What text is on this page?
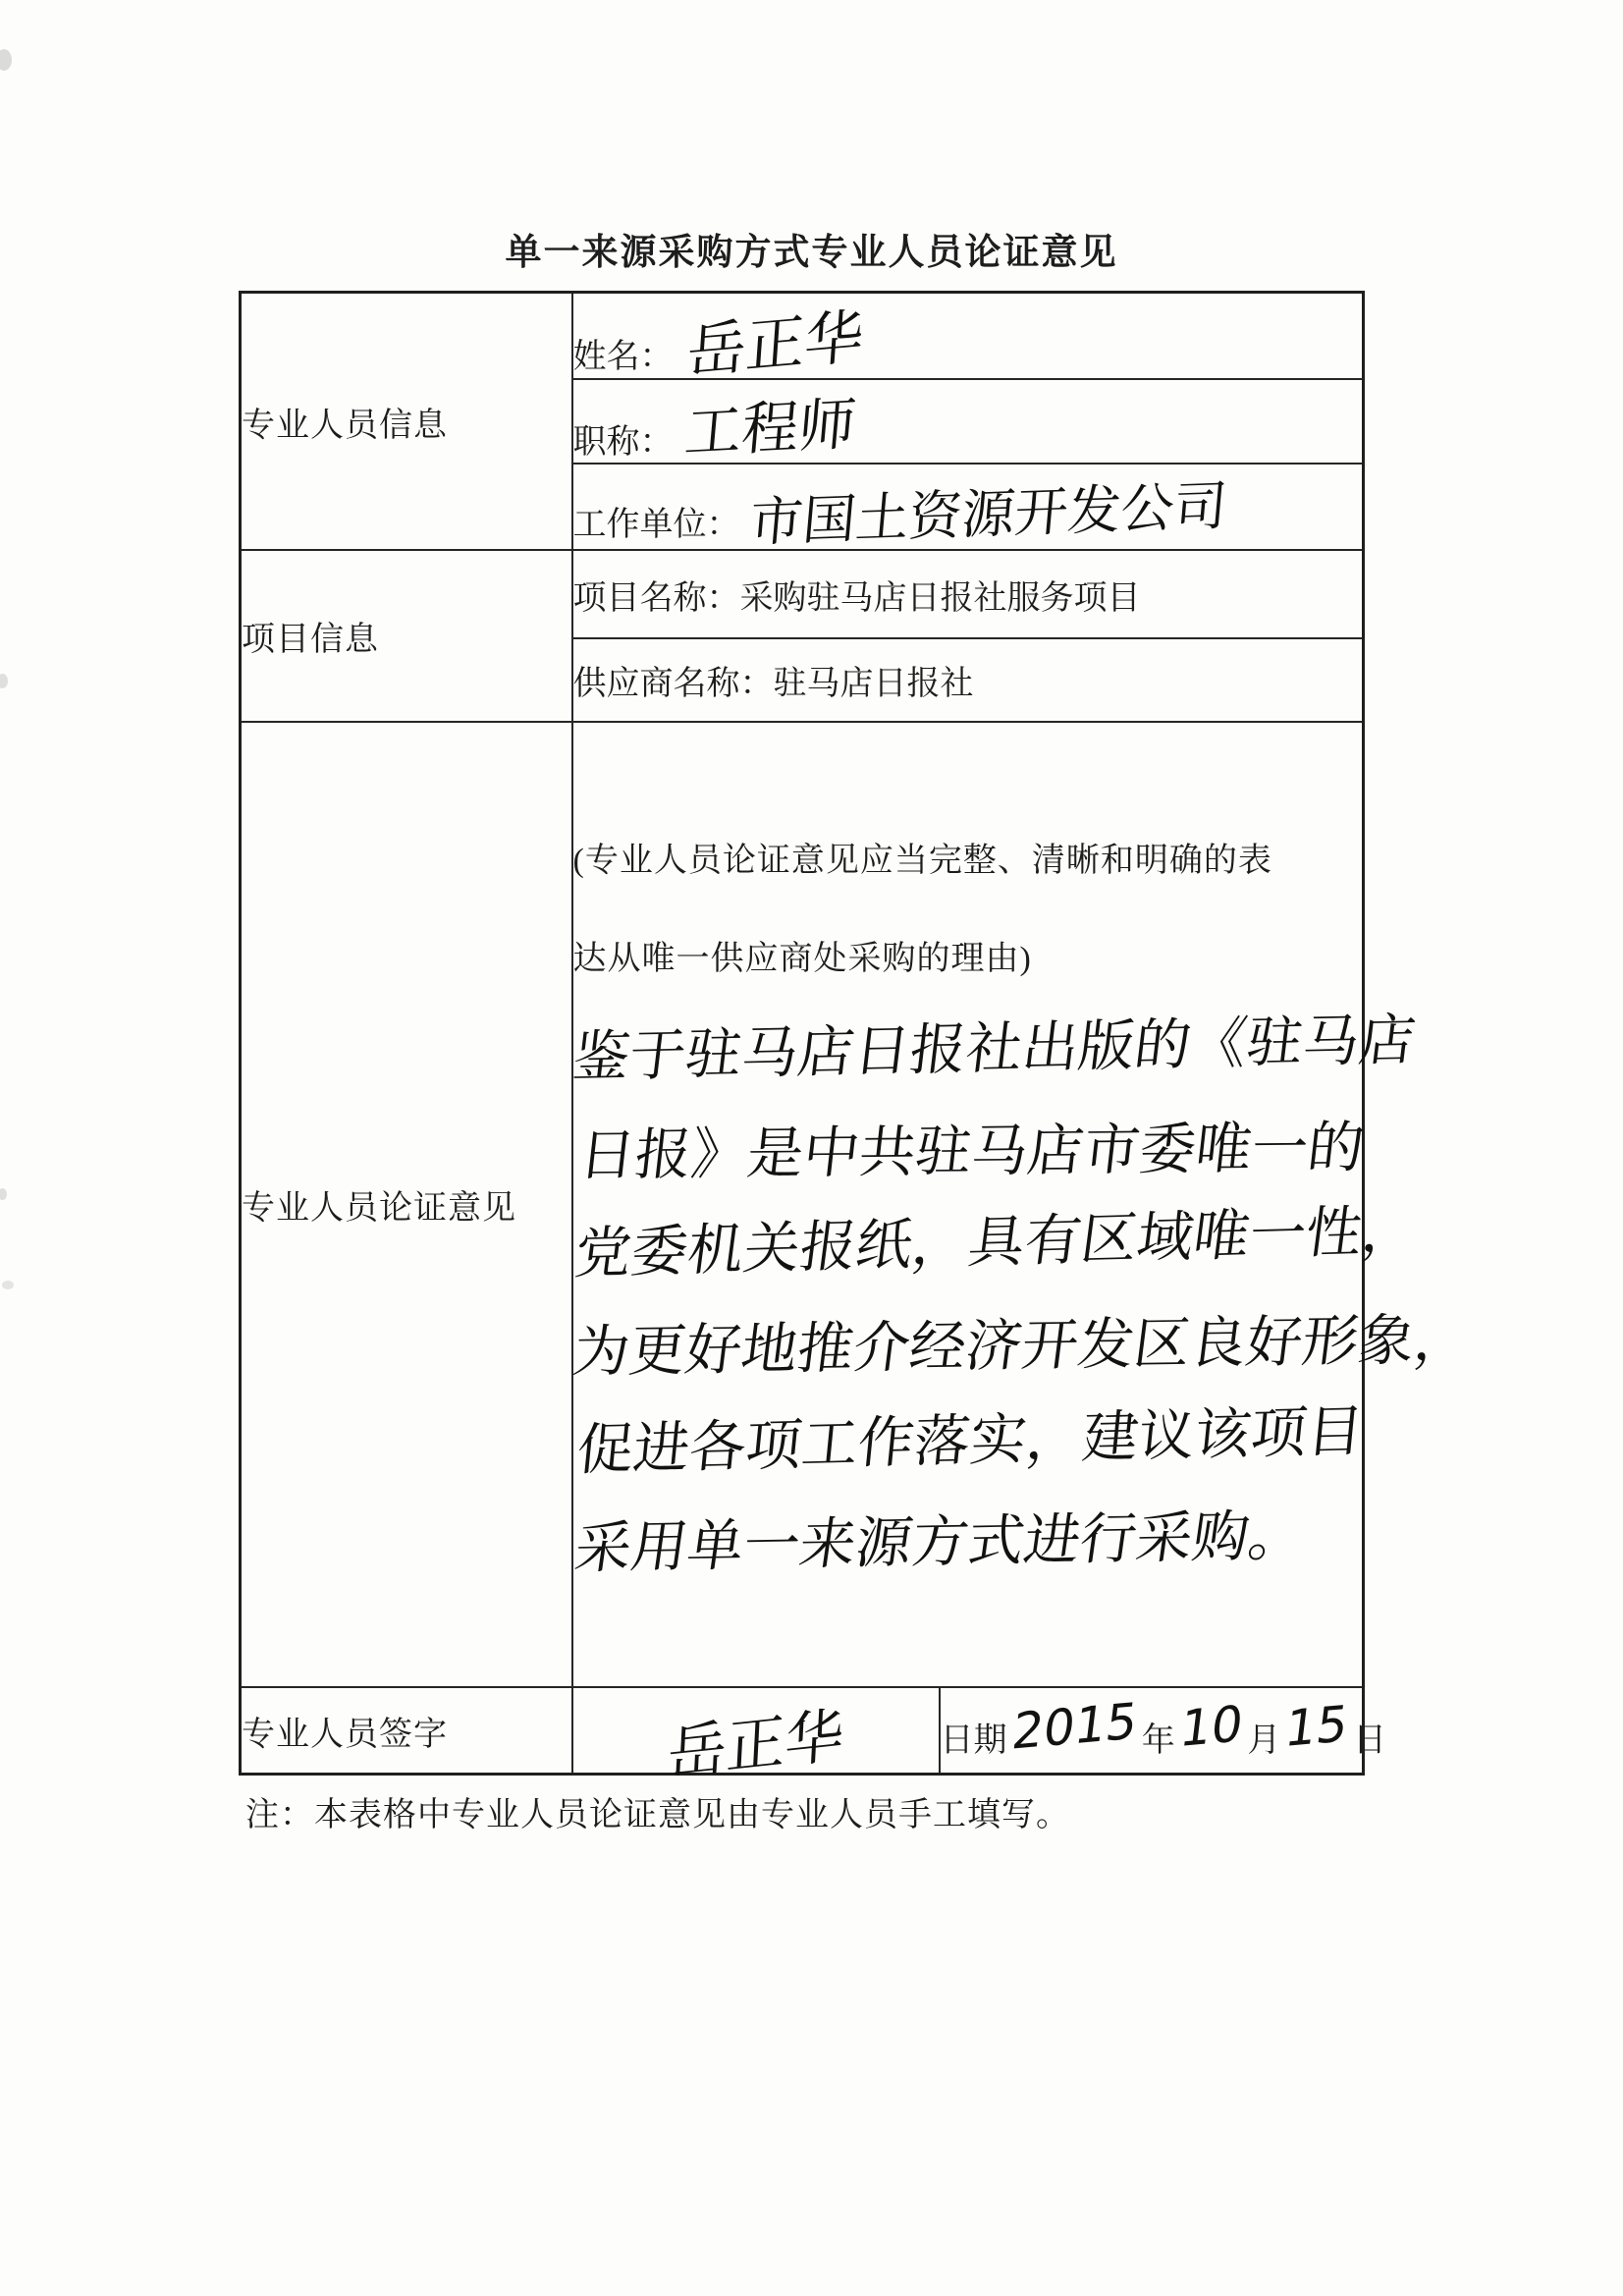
单一来源采购方式专业人员论证意见
专业人员信息	姓名： 岳正华	
	职称： 工程师	
	工作单位： 市国土资源开发公司	
项目信息	项目名称：采购驻马店日报社服务项目	
	供应商名称：驻马店日报社	
专业人员论证意见	
(专业人员论证意见应当完整、清晰和明确的表
达从唯一供应商处采购的理由)
鉴于驻马店日报社出版的《驻马店
日报》是中共驻马店市委唯一的
党委机关报纸，具有区域唯一性，
为更好地推介经济开发区良好形象，
促进各项工作落实，建议该项目
采用单一来源方式进行采购。

专业人员签字	岳正华	日期2015年10月15日

注：本表格中专业人员论证意见由专业人员手工填写。
